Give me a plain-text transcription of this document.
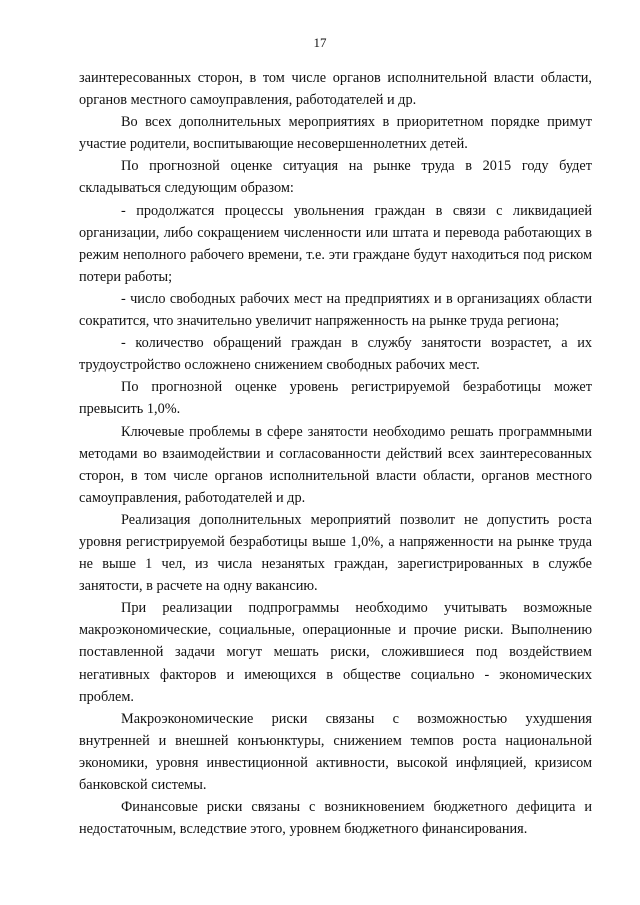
17

заинтересованных сторон, в том числе органов исполнительной власти области, органов местного самоуправления, работодателей и др.

Во всех дополнительных мероприятиях в приоритетном порядке примут участие родители, воспитывающие несовершеннолетних детей.

По прогнозной оценке ситуация на рынке труда в 2015 году будет складываться следующим образом:

- продолжатся процессы увольнения граждан в связи с ликвидацией организации, либо сокращением численности или штата и перевода работающих в режим неполного рабочего времени, т.е. эти граждане будут находиться под риском потери работы;

- число свободных рабочих мест на предприятиях и в организациях области сократится, что значительно увеличит напряженность на рынке труда региона;

- количество обращений граждан в службу занятости возрастет, а их трудоустройство осложнено снижением свободных рабочих мест.

По прогнозной оценке уровень регистрируемой безработицы может превысить 1,0%.

Ключевые проблемы в сфере занятости необходимо решать программными методами во взаимодействии и согласованности действий всех заинтересованных сторон, в том числе органов исполнительной власти области, органов местного самоуправления, работодателей и др.

Реализация дополнительных мероприятий позволит не допустить роста уровня регистрируемой безработицы выше 1,0%, а напряженности на рынке труда не выше 1 чел, из числа незанятых граждан, зарегистрированных в службе занятости, в расчете на одну вакансию.

При реализации подпрограммы необходимо учитывать возможные макроэкономические, социальные, операционные и прочие риски. Выполнению поставленной задачи могут мешать риски, сложившиеся под воздействием негативных факторов и имеющихся в обществе социально - экономических проблем.

Макроэкономические риски связаны с возможностью ухудшения внутренней и внешней конъюнктуры, снижением темпов роста национальной экономики, уровня инвестиционной активности, высокой инфляцией, кризисом банковской системы.

Финансовые риски связаны с возникновением бюджетного дефицита и недостаточным, вследствие этого, уровнем бюджетного финансирования.
